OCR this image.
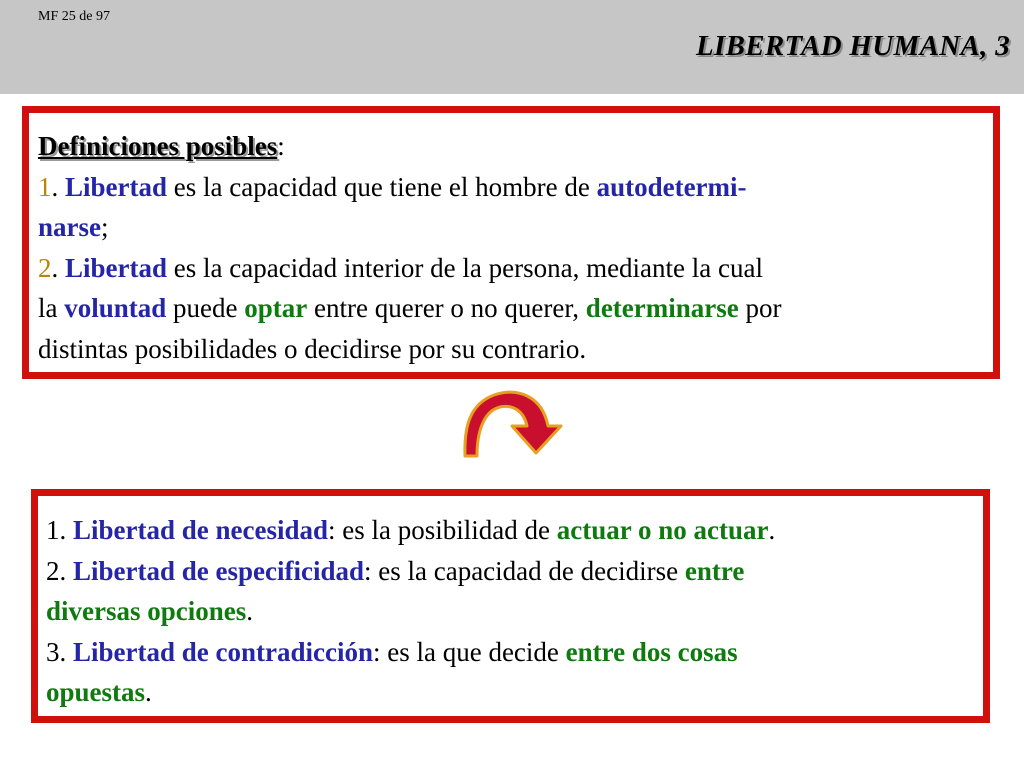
MF 25 de 97
LIBERTAD HUMANA, 3
Definiciones posibles:
1. Libertad es la capacidad que tiene el hombre de autodetermi-
narse;
2. Libertad es la capacidad interior de la persona, mediante la cual
la voluntad puede optar entre querer o no querer, determinarse por
distintas posibilidades o decidirse por su contrario.
1. Libertad de necesidad: es la posibilidad de actuar o no actuar.
2. Libertad de especificidad: es la capacidad de decidirse entre
diversas opciones.
3. Libertad de contradicción: es la que decide entre dos cosas
opuestas.
